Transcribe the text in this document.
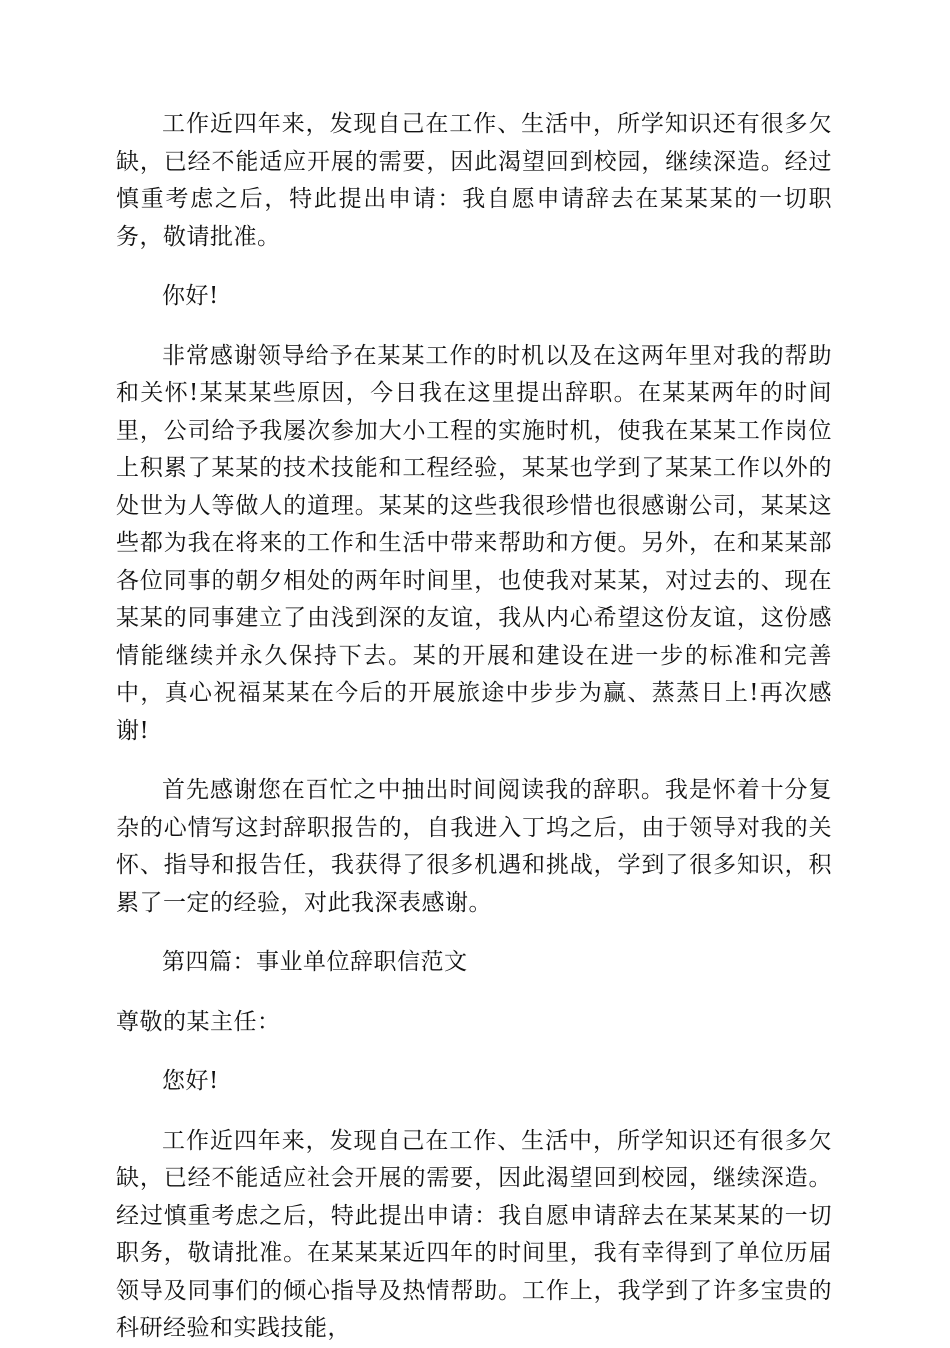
工作近四年来，发现自己在工作、生活中，所学知识还有很多欠缺，已经不能适应开展的需要，因此渴望回到校园，继续深造。经过慎重考虑之后，特此提出申请：我自愿申请辞去在某某某的一切职务，敬请批准。

你好!

非常感谢领导给予在某某工作的时机以及在这两年里对我的帮助和关怀!某某某些原因，今日我在这里提出辞职。在某某两年的时间里，公司给予我屡次参加大小工程的实施时机，使我在某某工作岗位上积累了某某的技术技能和工程经验，某某也学到了某某工作以外的处世为人等做人的道理。某某的这些我很珍惜也很感谢公司，某某这些都为我在将来的工作和生活中带来帮助和方便。另外，在和某某部各位同事的朝夕相处的两年时间里，也使我对某某，对过去的、现在某某的同事建立了由浅到深的友谊，我从内心希望这份友谊，这份感情能继续并永久保持下去。某的开展和建设在进一步的标准和完善中，真心祝福某某在今后的开展旅途中步步为赢、蒸蒸日上!再次感谢!

首先感谢您在百忙之中抽出时间阅读我的辞职。我是怀着十分复杂的心情写这封辞职报告的，自我进入丁坞之后，由于领导对我的关怀、指导和报告任，我获得了很多机遇和挑战，学到了很多知识，积累了一定的经验，对此我深表感谢。

第四篇：事业单位辞职信范文

尊敬的某主任：

您好!

工作近四年来，发现自己在工作、生活中，所学知识还有很多欠缺，已经不能适应社会开展的需要，因此渴望回到校园，继续深造。经过慎重考虑之后，特此提出申请：我自愿申请辞去在某某某的一切职务，敬请批准。在某某某近四年的时间里，我有幸得到了单位历届领导及同事们的倾心指导及热情帮助。工作上，我学到了许多宝贵的科研经验和实践技能，
